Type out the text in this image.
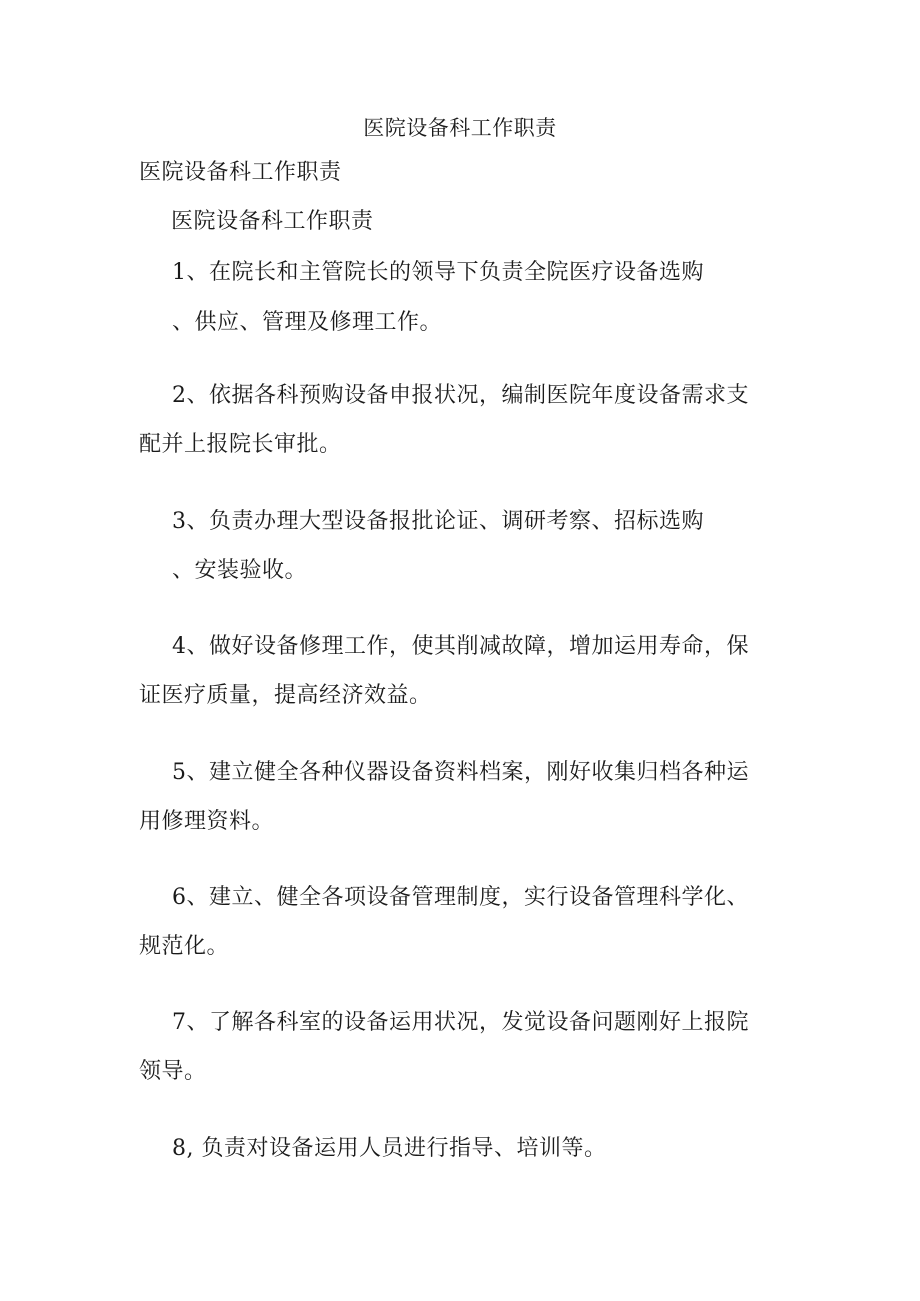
医院设备科工作职责
医院设备科工作职责
医院设备科工作职责
1、在院长和主管院长的领导下负责全院医疗设备选购
、供应、管理及修理工作。
2、依据各科预购设备申报状况，编制医院年度设备需求支
配并上报院长审批。
3、负责办理大型设备报批论证、调研考察、招标选购
、安装验收。
4、做好设备修理工作，使其削减故障，增加运用寿命，保
证医疗质量，提高经济效益。
5、建立健全各种仪器设备资料档案，刚好收集归档各种运
用修理资料。
6、建立、健全各项设备管理制度，实行设备管理科学化、
规范化。
7、了解各科室的设备运用状况，发觉设备问题刚好上报院
领导。
8, 负责对设备运用人员进行指导、培训等。
